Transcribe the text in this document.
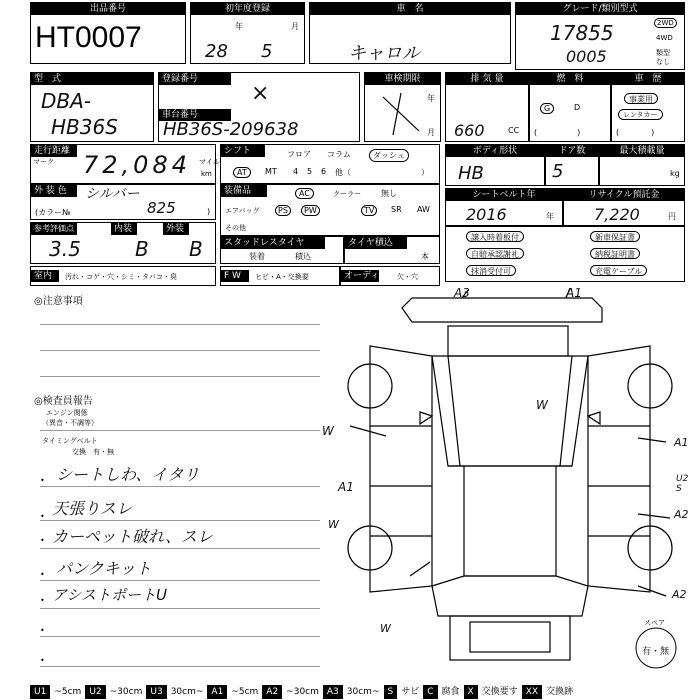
出品番号
HT0007
初年度登録
年	月
28 5
車　名
キャロル
グレード/類別型式
17855
0005
2WD
4WD
類型
なし
型　式
DBA-
HB36S
登録番号
×
車台番号
HB36S-209638
車検期限
年
月
排 気 量
660	CC
燃　料
G	D
(　　　　　)
車　歴
事業用
レンタカー
(　　　　)
走行距離
マーク 72,084 マイル
km
シフト	フロア コラム	ダッシュ
AT	MT 4 5 6 他（	）
ボディ形状
HB
ドア数
5
最大積載量
kg
外 装 色	シルバー
(カラー№	825	)
装備品	AC	クーラー	無し
エアバッグ	PS	PW	TV	SR AW
その他
シートベルト年
2016	年
リサイクル預託金
7,220	円
参考評価点
3.5
内装
B
外装
B	スタッドレスタイヤ
装着	積込
タイヤ積込
本
譲入時着板付
自賠承認謝礼
抹消受付可
新車保証書
納税証明書
充電ケーブル
室内	汚れ・コゲ・穴・シミ・タバコ・臭	F W	ヒビ・A・交換要	オーディオ 欠・穴
◎注意事項
◎検査員報告
エンジン関係
（異音・不調等）
タイミングベルト
交換　有・無
• シートしわ、イタリ
• 天張りスレ
• カーペット破れ、スレ
• パンクキット
• アシストポートU
•
•
A3	A1
W
A1
W
A1
U2
S
A2
A2
W
W	スペア
有・無
U1 ~5cm U2 ~30cm U3 30cm~ A1 ~5cm A2 ~30cm A3 30cm~ S サビ C 腐食 X 交換要す XX 交換跡
